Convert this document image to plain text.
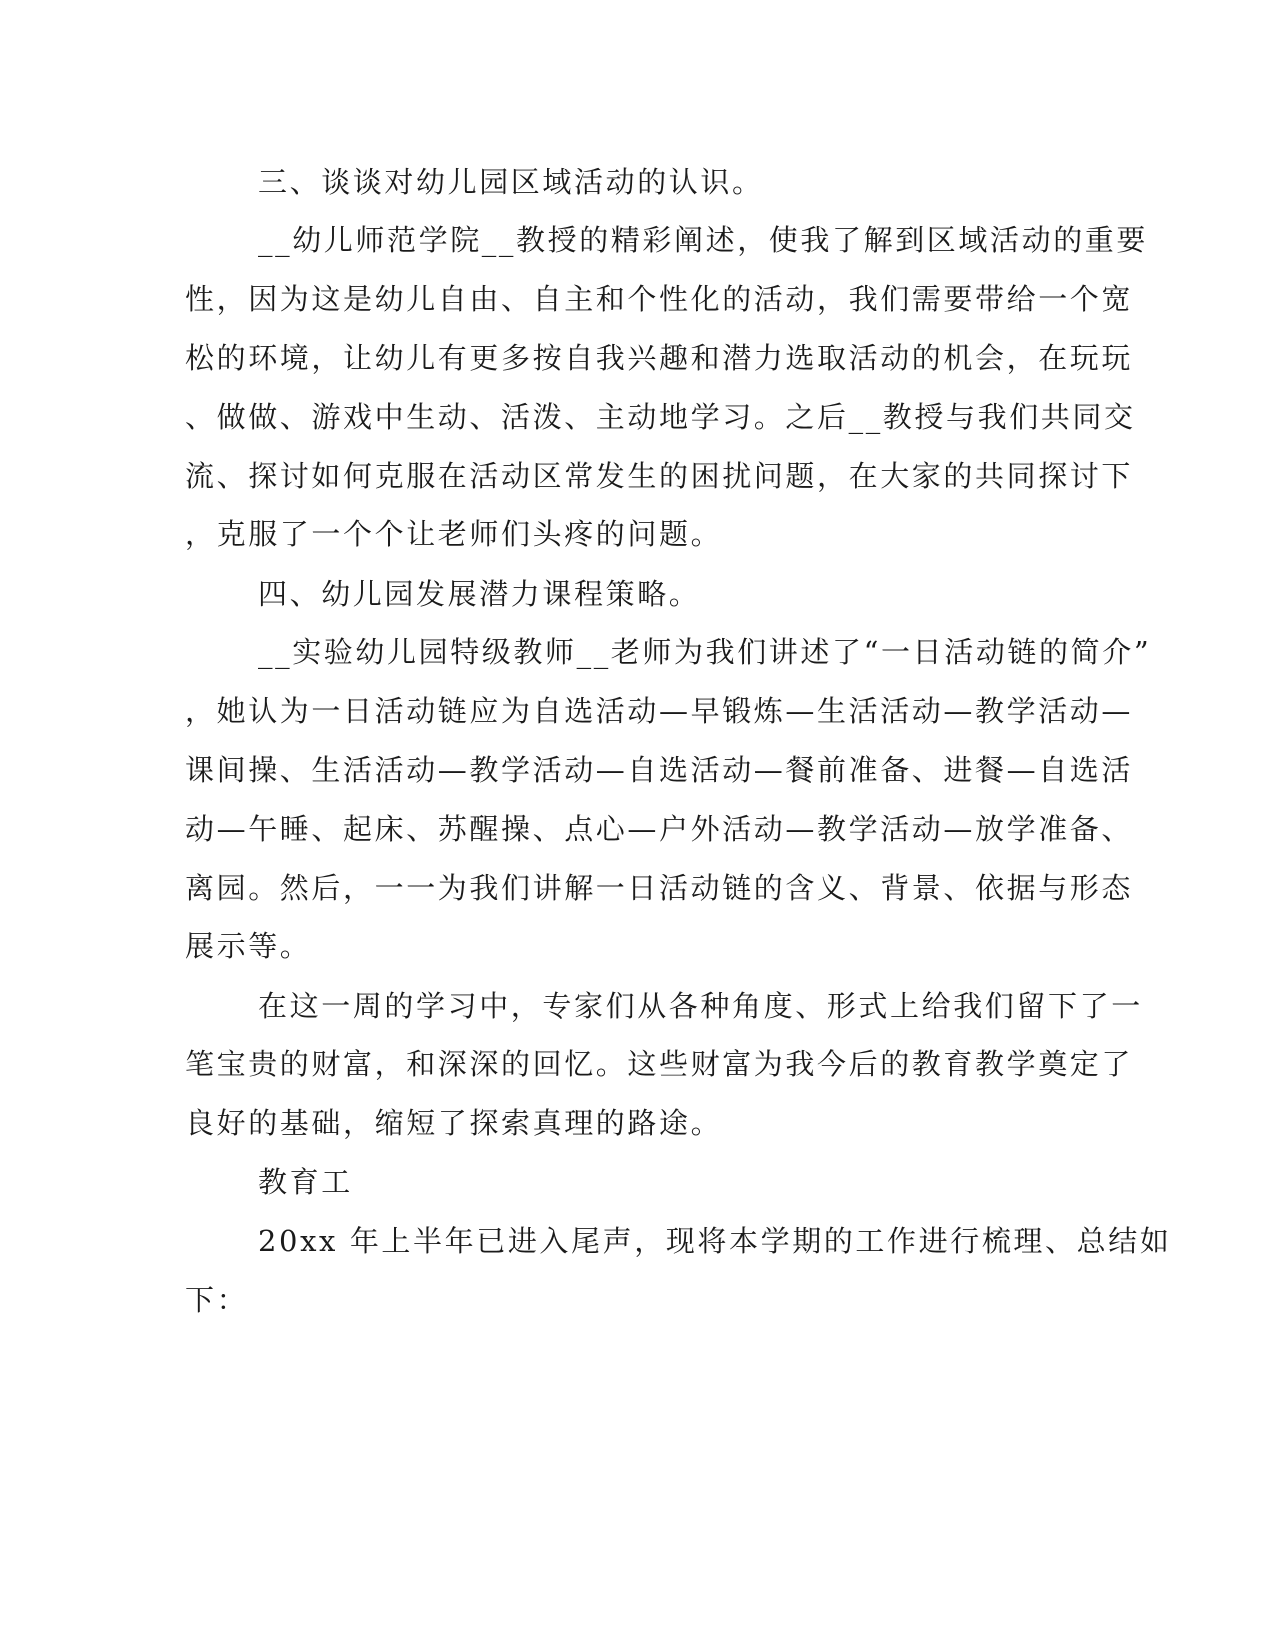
三、谈谈对幼儿园区域活动的认识。
__幼儿师范学院__教授的精彩阐述，使我了解到区域活动的重要
性，因为这是幼儿自由、自主和个性化的活动，我们需要带给一个宽
松的环境，让幼儿有更多按自我兴趣和潜力选取活动的机会，在玩玩
、做做、游戏中生动、活泼、主动地学习。之后__教授与我们共同交
流、探讨如何克服在活动区常发生的困扰问题，在大家的共同探讨下
，克服了一个个让老师们头疼的问题。
四、幼儿园发展潜力课程策略。
__实验幼儿园特级教师__老师为我们讲述了“一日活动链的简介”
，她认为一日活动链应为自选活动—早锻炼—生活活动—教学活动—
课间操、生活活动—教学活动—自选活动—餐前准备、进餐—自选活
动—午睡、起床、苏醒操、点心—户外活动—教学活动—放学准备、
离园。然后，一一为我们讲解一日活动链的含义、背景、依据与形态
展示等。
在这一周的学习中，专家们从各种角度、形式上给我们留下了一
笔宝贵的财富，和深深的回忆。这些财富为我今后的教育教学奠定了
良好的基础，缩短了探索真理的路途。
教育工
20xx 年上半年已进入尾声，现将本学期的工作进行梳理、总结如
下：
